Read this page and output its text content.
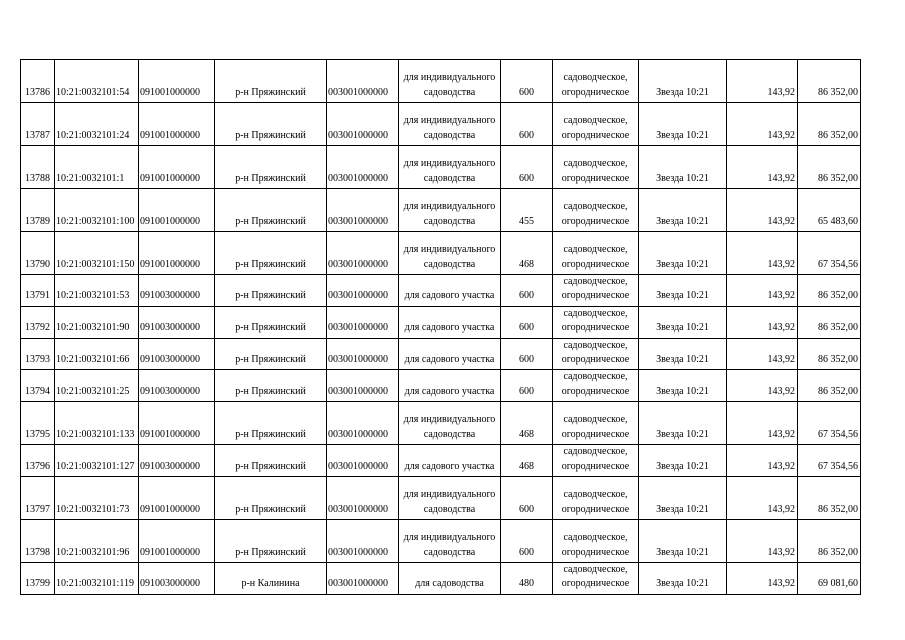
13786	10:21:0032101:54	091001000000	р-н Пряжинский	003001000000	для индивидуального садоводства	600	садоводческое, огородническое	Звезда 10:21	143,92	86 352,00
13787	10:21:0032101:24	091001000000	р-н Пряжинский	003001000000	для индивидуального садоводства	600	садоводческое, огородническое	Звезда 10:21	143,92	86 352,00
13788	10:21:0032101:1	091001000000	р-н Пряжинский	003001000000	для индивидуального садоводства	600	садоводческое, огородническое	Звезда 10:21	143,92	86 352,00
13789	10:21:0032101:100	091001000000	р-н Пряжинский	003001000000	для индивидуального садоводства	455	садоводческое, огородническое	Звезда 10:21	143,92	65 483,60
13790	10:21:0032101:150	091001000000	р-н Пряжинский	003001000000	для индивидуального садоводства	468	садоводческое, огородническое	Звезда 10:21	143,92	67 354,56
13791	10:21:0032101:53	091003000000	р-н Пряжинский	003001000000	для садового участка	600	садоводческое, огородническое	Звезда 10:21	143,92	86 352,00
13792	10:21:0032101:90	091003000000	р-н Пряжинский	003001000000	для садового участка	600	садоводческое, огородническое	Звезда 10:21	143,92	86 352,00
13793	10:21:0032101:66	091003000000	р-н Пряжинский	003001000000	для садового участка	600	садоводческое, огородническое	Звезда 10:21	143,92	86 352,00
13794	10:21:0032101:25	091003000000	р-н Пряжинский	003001000000	для садового участка	600	садоводческое, огородническое	Звезда 10:21	143,92	86 352,00
13795	10:21:0032101:133	091001000000	р-н Пряжинский	003001000000	для индивидуального садоводства	468	садоводческое, огородническое	Звезда 10:21	143,92	67 354,56
13796	10:21:0032101:127	091003000000	р-н Пряжинский	003001000000	для садового участка	468	садоводческое, огородническое	Звезда 10:21	143,92	67 354,56
13797	10:21:0032101:73	091001000000	р-н Пряжинский	003001000000	для индивидуального садоводства	600	садоводческое, огородническое	Звезда 10:21	143,92	86 352,00
13798	10:21:0032101:96	091001000000	р-н Пряжинский	003001000000	для индивидуального садоводства	600	садоводческое, огородническое	Звезда 10:21	143,92	86 352,00
13799	10:21:0032101:119	091003000000	р-н Калинина	003001000000	для садоводства	480	садоводческое, огородническое	Звезда 10:21	143,92	69 081,60
